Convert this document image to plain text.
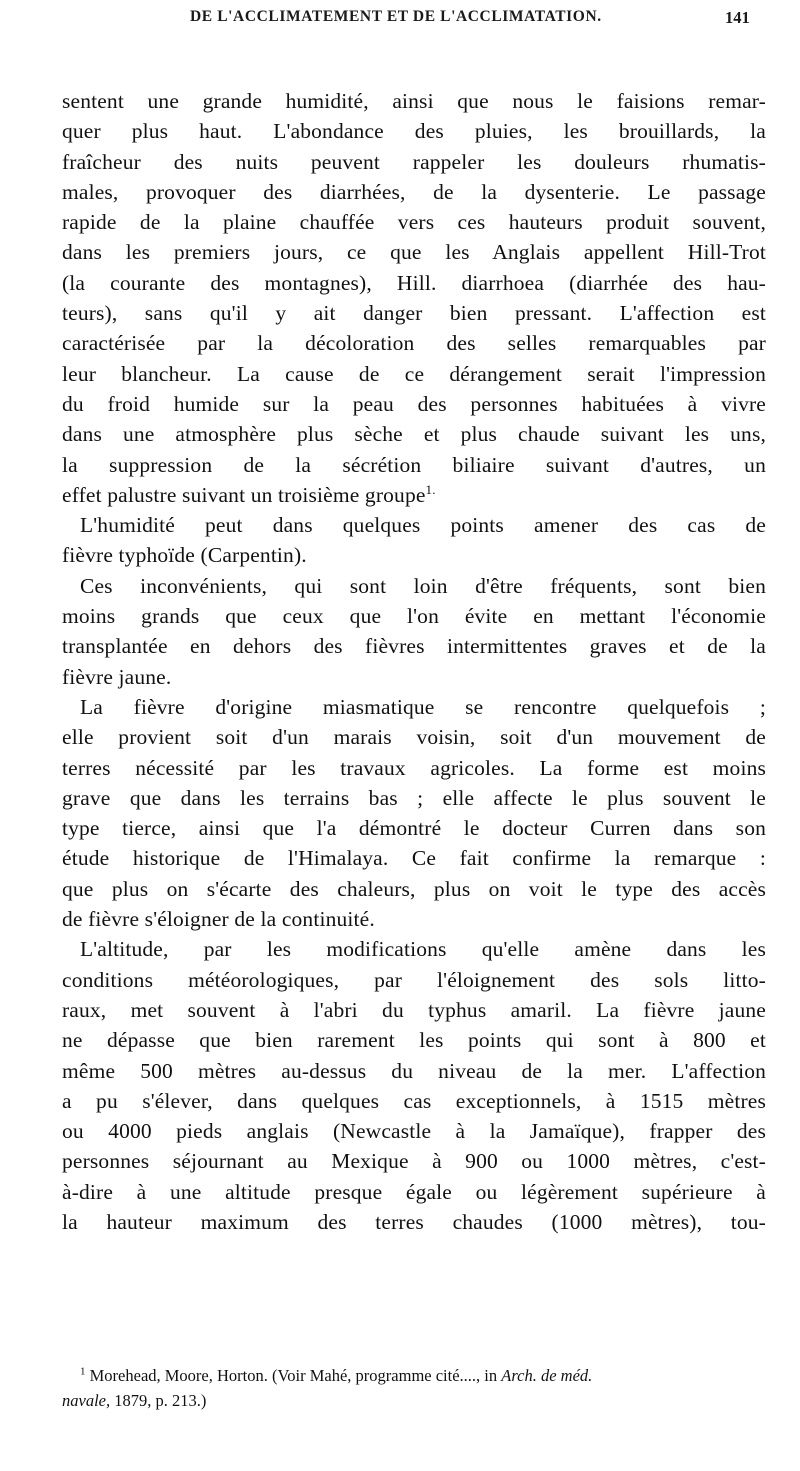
DE L'ACCLIMATEMENT ET DE L'ACCLIMATATION.	141
sentent une grande humidité, ainsi que nous le faisions remar-
quer plus haut. L'abondance des pluies, les brouillards, la
fraîcheur des nuits peuvent rappeler les douleurs rhumatis-
males, provoquer des diarrhées, de la dysenterie. Le passage
rapide de la plaine chauffée vers ces hauteurs produit souvent,
dans les premiers jours, ce que les Anglais appellent Hill-Trot
(la courante des montagnes), Hill. diarrhoea (diarrhée des hau-
teurs), sans qu'il y ait danger bien pressant. L'affection est
caractérisée par la décoloration des selles remarquables par
leur blancheur. La cause de ce dérangement serait l'impression
du froid humide sur la peau des personnes habituées à vivre
dans une atmosphère plus sèche et plus chaude suivant les uns,
la suppression de la sécrétion biliaire suivant d'autres, un
effet palustre suivant un troisième groupe$^{1.}$
L'humidité peut dans quelques points amener des cas de
fièvre typhoïde (Carpentin).
Ces inconvénients, qui sont loin d'être fréquents, sont bien
moins grands que ceux que l'on évite en mettant l'économie
transplantée en dehors des fièvres intermittentes graves et de la
fièvre jaune.
La fièvre d'origine miasmatique se rencontre quelquefois ;
elle provient soit d'un marais voisin, soit d'un mouvement de
terres nécessité par les travaux agricoles. La forme est moins
grave que dans les terrains bas ; elle affecte le plus souvent le
type tierce, ainsi que l'a démontré le docteur Curren dans son
étude historique de l'Himalaya. Ce fait confirme la remarque :
que plus on s'écarte des chaleurs, plus on voit le type des accès
de fièvre s'éloigner de la continuité.
L'altitude, par les modifications qu'elle amène dans les
conditions météorologiques, par l'éloignement des sols litto-
raux, met souvent à l'abri du typhus amaril. La fièvre jaune
ne dépasse que bien rarement les points qui sont à 800 et
même 500 mètres au-dessus du niveau de la mer. L'affection
a pu s'élever, dans quelques cas exceptionnels, à 1515 mètres
ou 4000 pieds anglais (Newcastle à la Jamaïque), frapper des
personnes séjournant au Mexique à 900 ou 1000 mètres, c'est-
à-dire à une altitude presque égale ou légèrement supérieure à
la hauteur maximum des terres chaudes (1000 mètres), tou-
$^1$ Morehead, Moore, Horton. (Voir Mahé, programme cité...., in Arch. de méd.
navale, 1879, p. 213.)
